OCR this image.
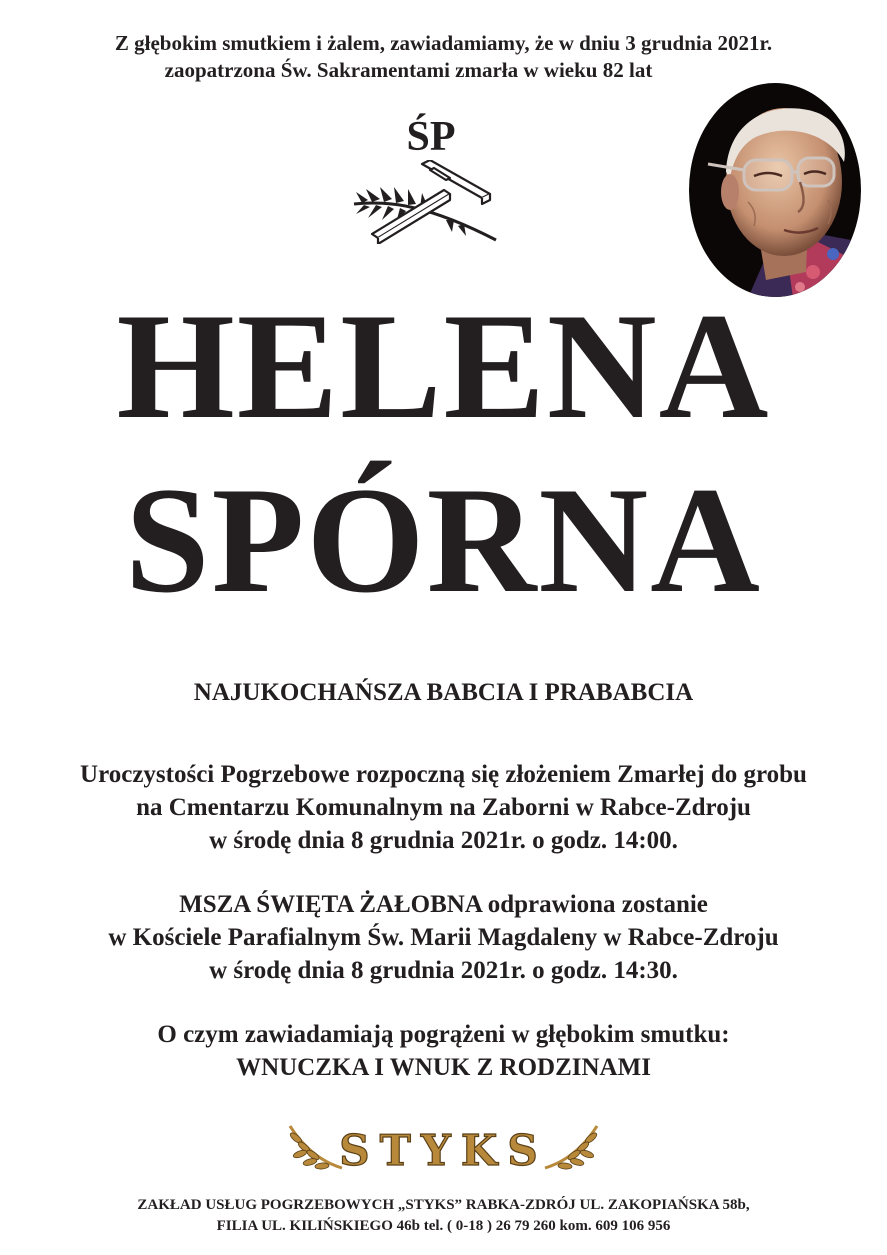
Z głębokim smutkiem i żalem, zawiadamiamy, że w dniu 3 grudnia 2021r.
zaopatrzona Św. Sakramentami zmarła w wieku 82 lat
ŚP
HELENA
SPÓRNA
NAJUKOCHAŃSZA BABCIA I PRABABCIA
Uroczystości Pogrzebowe rozpoczną się złożeniem Zmarłej do grobu
na Cmentarzu Komunalnym na Zaborni w Rabce-Zdroju
w środę dnia 8 grudnia 2021r. o godz. 14:00.
MSZA ŚWIĘTA ŻAŁOBNA odprawiona zostanie
w Kościele Parafialnym Św. Marii Magdaleny w Rabce-Zdroju
w środę dnia 8 grudnia 2021r. o godz. 14:30.
O czym zawiadamiają pogrążeni w głębokim smutku:
WNUCZKA I WNUK Z RODZINAMI
STYKS
ZAKŁAD USŁUG POGRZEBOWYCH „STYKS” RABKA-ZDRÓJ UL. ZAKOPIAŃSKA 58b,
FILIA UL. KILIŃSKIEGO 46b tel. ( 0-18 ) 26 79 260 kom. 609 106 956
